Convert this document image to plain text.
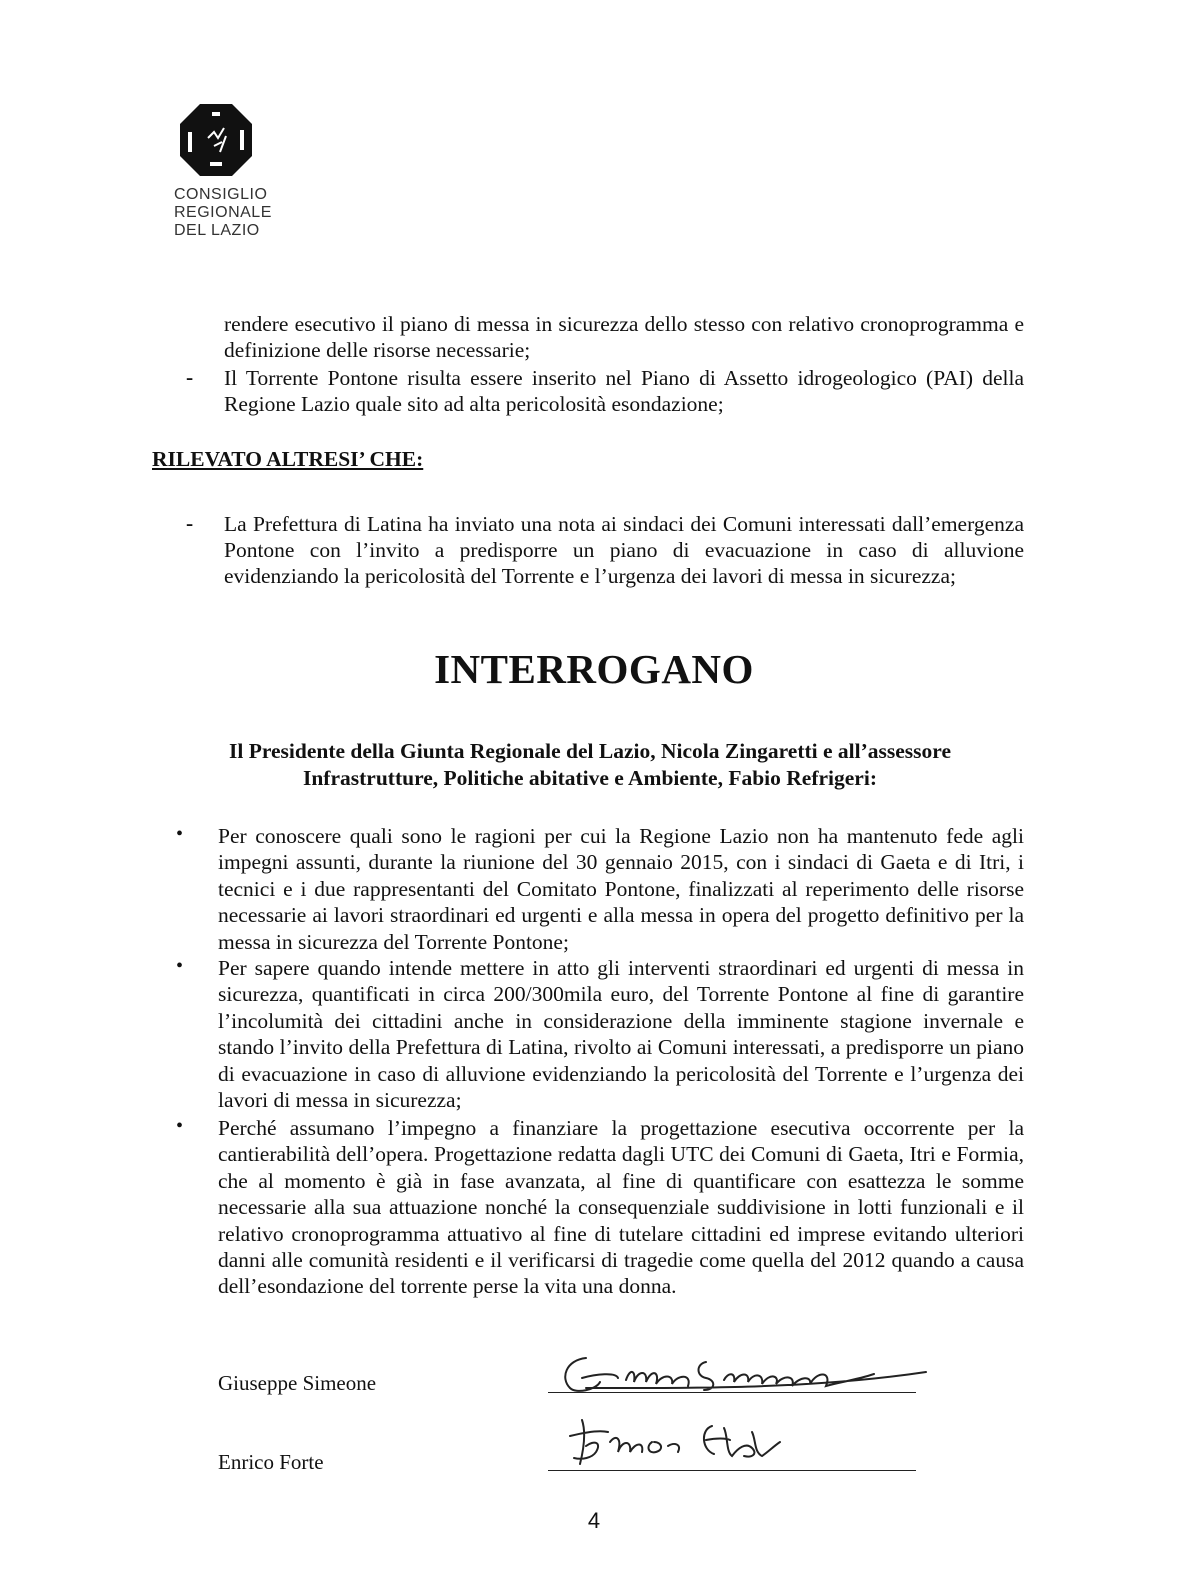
CONSIGLIO
REGIONALE
DEL LAZIO
rendere esecutivo il piano di messa in sicurezza dello stesso con relativo cronoprogramma e definizione delle risorse necessarie;
- Il Torrente Pontone risulta essere inserito nel Piano di Assetto idrogeologico (PAI) della Regione Lazio quale sito ad alta pericolosità esondazione;
RILEVATO ALTRESI’ CHE:
- La Prefettura di Latina ha inviato una nota ai sindaci dei Comuni interessati dall’emergenza Pontone con l’invito a predisporre un piano di evacuazione in caso di alluvione evidenziando la pericolosità del Torrente e l’urgenza dei lavori di messa in sicurezza;
INTERROGANO
Il Presidente della Giunta Regionale del Lazio, Nicola Zingaretti e all’assessore
Infrastrutture, Politiche abitative e Ambiente, Fabio Refrigeri:
• Per conoscere quali sono le ragioni per cui la Regione Lazio non ha mantenuto fede agli impegni assunti, durante la riunione del 30 gennaio 2015, con i sindaci di Gaeta e di Itri, i tecnici e i due rappresentanti del Comitato Pontone, finalizzati al reperimento delle risorse necessarie ai lavori straordinari ed urgenti e alla messa in opera del progetto definitivo per la messa in sicurezza del Torrente Pontone;
• Per sapere quando intende mettere in atto gli interventi straordinari ed urgenti di messa in sicurezza, quantificati in circa 200/300mila euro, del Torrente Pontone al fine di garantire l’incolumità dei cittadini anche in considerazione della imminente stagione invernale e stando l’invito della Prefettura di Latina, rivolto ai Comuni interessati, a predisporre un piano di evacuazione in caso di alluvione evidenziando la pericolosità del Torrente e l’urgenza dei lavori di messa in sicurezza;
• Perché assumano l’impegno a finanziare la progettazione esecutiva occorrente per la cantierabilità dell’opera. Progettazione redatta dagli UTC dei Comuni di Gaeta, Itri e Formia, che al momento è già in fase avanzata, al fine di quantificare con esattezza le somme necessarie alla sua attuazione nonché la consequenziale suddivisione in lotti funzionali e il relativo cronoprogramma attuativo al fine di tutelare cittadini ed imprese evitando ulteriori danni alle comunità residenti e il verificarsi di tragedie come quella del 2012 quando a causa dell’esondazione del torrente perse la vita una donna.
Giuseppe Simeone
Enrico Forte
4
